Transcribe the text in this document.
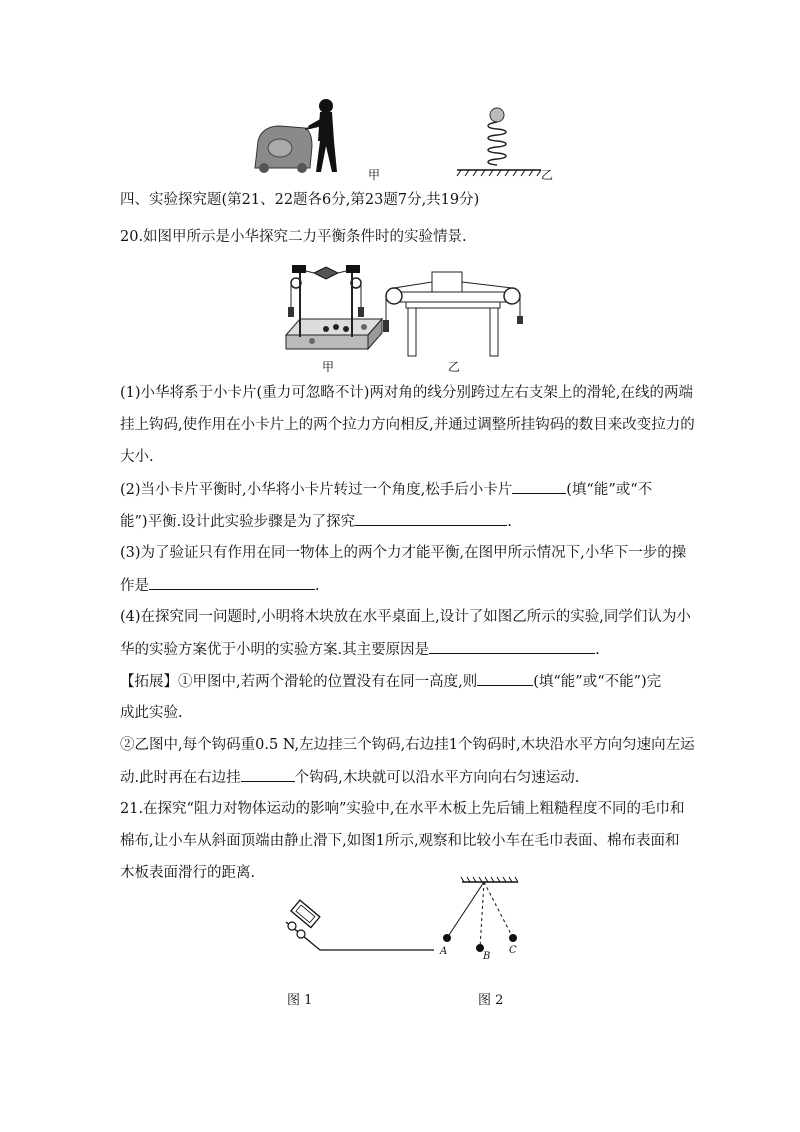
甲	乙
四、实验探究题(第21、22题各6分,第23题7分,共19分)
20.如图甲所示是小华探究二力平衡条件时的实验情景.
甲	乙
(1)小华将系于小卡片(重力可忽略不计)两对角的线分别跨过左右支架上的滑轮,在线的两端
挂上钩码,使作用在小卡片上的两个拉力方向相反,并通过调整所挂钩码的数目来改变拉力的
大小.
(2)当小卡片平衡时,小华将小卡片转过一个角度,松手后小卡片	(填“能”或“不
能”)平衡.设计此实验步骤是为了探究	.
(3)为了验证只有作用在同一物体上的两个力才能平衡,在图甲所示情况下,小华下一步的操
作是	.
(4)在探究同一问题时,小明将木块放在水平桌面上,设计了如图乙所示的实验,同学们认为小
华的实验方案优于小明的实验方案.其主要原因是	.
【拓展】①甲图中,若两个滑轮的位置没有在同一高度,则	(填“能”或“不能”)完
成此实验.
②乙图中,每个钩码重0.5 N,左边挂三个钩码,右边挂1个钩码时,木块沿水平方向匀速向左运
动.此时再在右边挂	个钩码,木块就可以沿水平方向向右匀速运动.
21.在探究“阻力对物体运动的影响”实验中,在水平木板上先后铺上粗糙程度不同的毛巾和
棉布,让小车从斜面顶端由静止滑下,如图1所示,观察和比较小车在毛巾表面、棉布表面和
木板表面滑行的距离.
A	B
C
图 1	图 2
